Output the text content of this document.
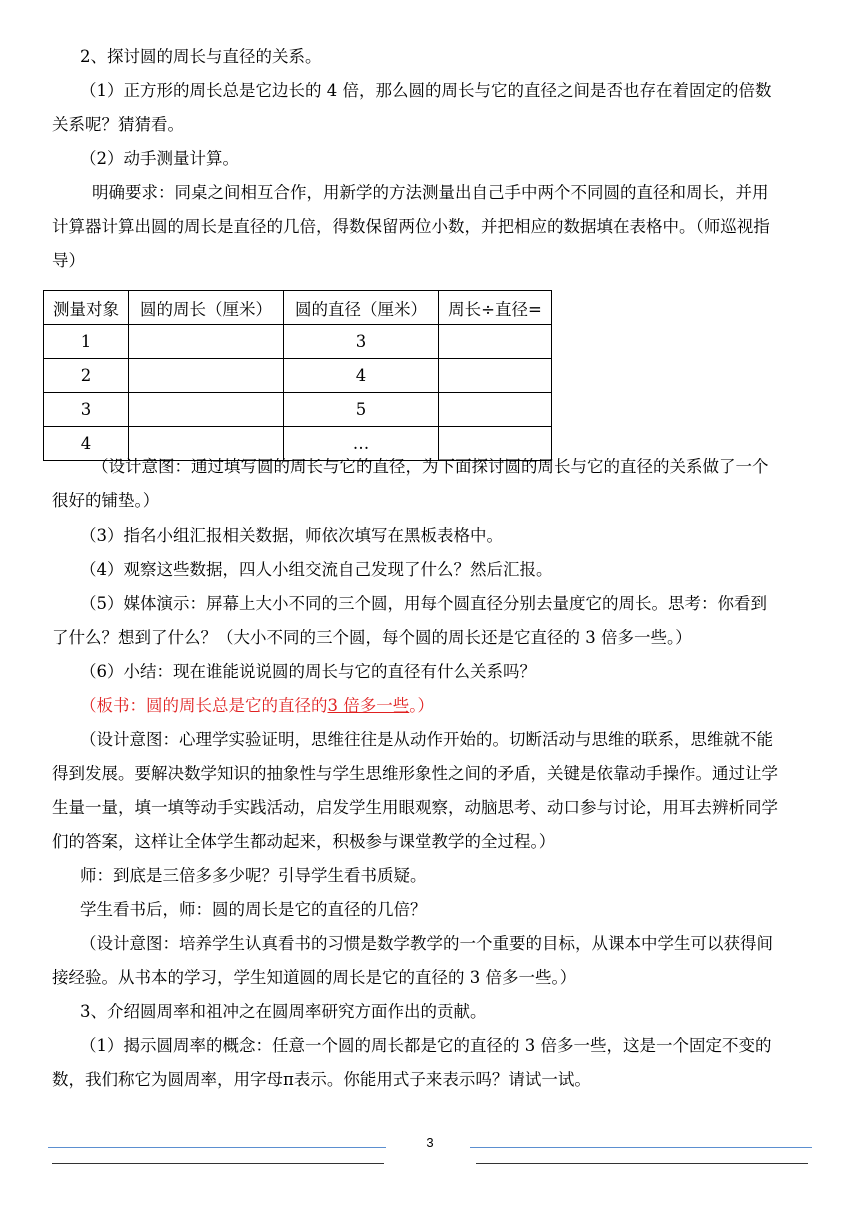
2、探讨圆的周长与直径的关系。
（1）正方形的周长总是它边长的 4 倍，那么圆的周长与它的直径之间是否也存在着固定的倍数
关系呢？猜猜看。
（2）动手测量计算。
明确要求：同桌之间相互合作，用新学的方法测量出自己手中两个不同圆的直径和周长，并用
计算器计算出圆的周长是直径的几倍，得数保留两位小数，并把相应的数据填在表格中。（师巡视指
导）
（设计意图：通过填写圆的周长与它的直径，为下面探讨圆的周长与它的直径的关系做了一个
很好的铺垫。）
（3）指名小组汇报相关数据，师依次填写在黑板表格中。
（4）观察这些数据，四人小组交流自己发现了什么？然后汇报。
（5）媒体演示：屏幕上大小不同的三个圆，用每个圆直径分别去量度它的周长。思考：你看到
了什么？想到了什么？（大小不同的三个圆，每个圆的周长还是它直径的 3 倍多一些。）
（6）小结：现在谁能说说圆的周长与它的直径有什么关系吗？
（设计意图：心理学实验证明，思维往往是从动作开始的。切断活动与思维的联系，思维就不能
得到发展。要解决数学知识的抽象性与学生思维形象性之间的矛盾，关键是依靠动手操作。通过让学
生量一量，填一填等动手实践活动，启发学生用眼观察，动脑思考、动口参与讨论，用耳去辨析同学
们的答案，这样让全体学生都动起来，积极参与课堂教学的全过程。）
师：到底是三倍多多少呢？引导学生看书质疑。
学生看书后，师：圆的周长是它的直径的几倍？
（设计意图：培养学生认真看书的习惯是数学教学的一个重要的目标，从课本中学生可以获得间
接经验。从书本的学习，学生知道圆的周长是它的直径的 3 倍多一些。）
3、介绍圆周率和祖冲之在圆周率研究方面作出的贡献。
（1）揭示圆周率的概念：任意一个圆的周长都是它的直径的 3 倍多一些，这是一个固定不变的
数，我们称它为圆周率，用字母π表示。你能用式子来表示吗？请试一试。
（板书：圆的周长总是它的直径的3 倍多一些。）
测量对象	圆的周长（厘米）	圆的直径（厘米）	周长÷直径=
1		3	
2		4	
3		5	
4		…	
3
